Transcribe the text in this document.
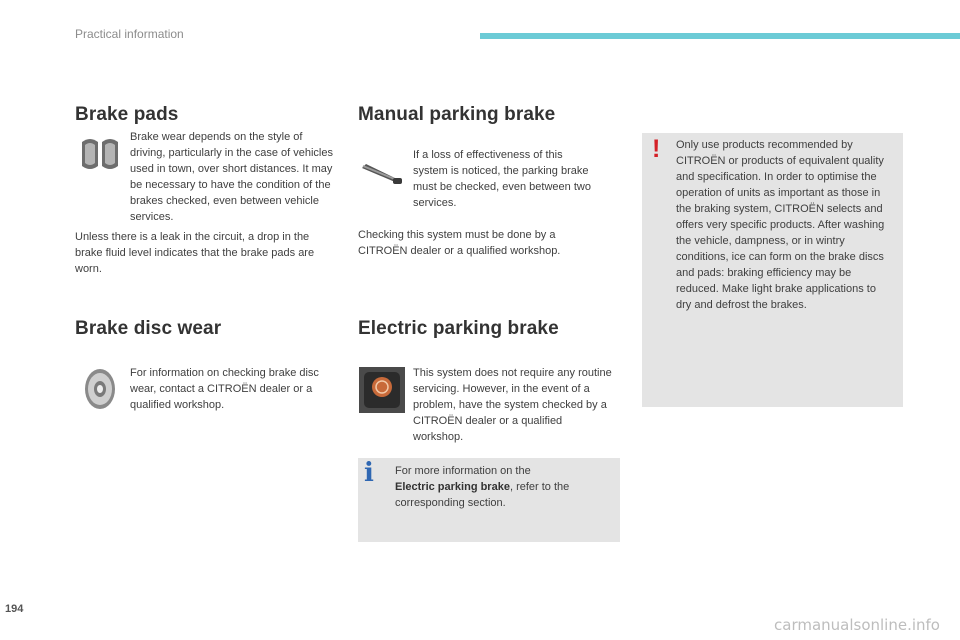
Practical information
Brake pads

Brake wear depends on the style of driving, particularly in the case of vehicles used in town, over short distances. It may be necessary to have the condition of the brakes checked, even between vehicle services.

Unless there is a leak in the circuit, a drop in the brake fluid level indicates that the brake pads are worn.

Brake disc wear

For information on checking brake disc wear, contact a CITROËN dealer or a qualified workshop.

Manual parking brake

If a loss of effectiveness of this system is noticed, the parking brake must be checked, even between two services.

Checking this system must be done by a CITROËN dealer or a qualified workshop.

Electric parking brake

This system does not require any routine servicing. However, in the event of a problem, have the system checked by a CITROËN dealer or a qualified workshop.

i For more information on the
Electric parking brake, refer to the corresponding section.
! Only use products recommended by CITROËN or products of equivalent quality and specification. In order to optimise the operation of units as important as those in the braking system, CITROËN selects and offers very specific products. After washing the vehicle, dampness, or in wintry conditions, ice can form on the brake discs and pads: braking efficiency may be reduced. Make light brake applications to dry and defrost the brakes.

194
carmanualsonline.info
